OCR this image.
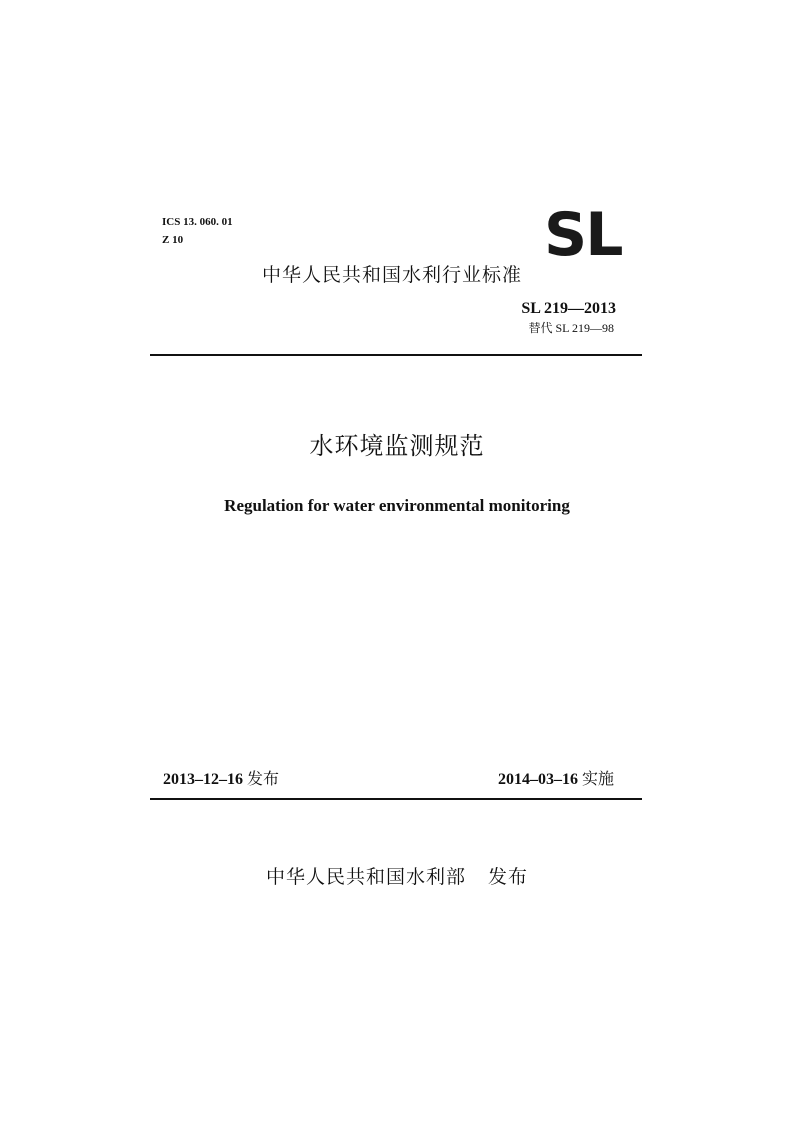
ICS 13. 060. 01
Z 10	SL
中华人民共和国水利行业标准
SL 219—2013
替代 SL 219—98
水环境监测规范
Regulation for water environmental monitoring
2013–12–16 发布	2014–03–16 实施
中华人民共和国水利部 发布
